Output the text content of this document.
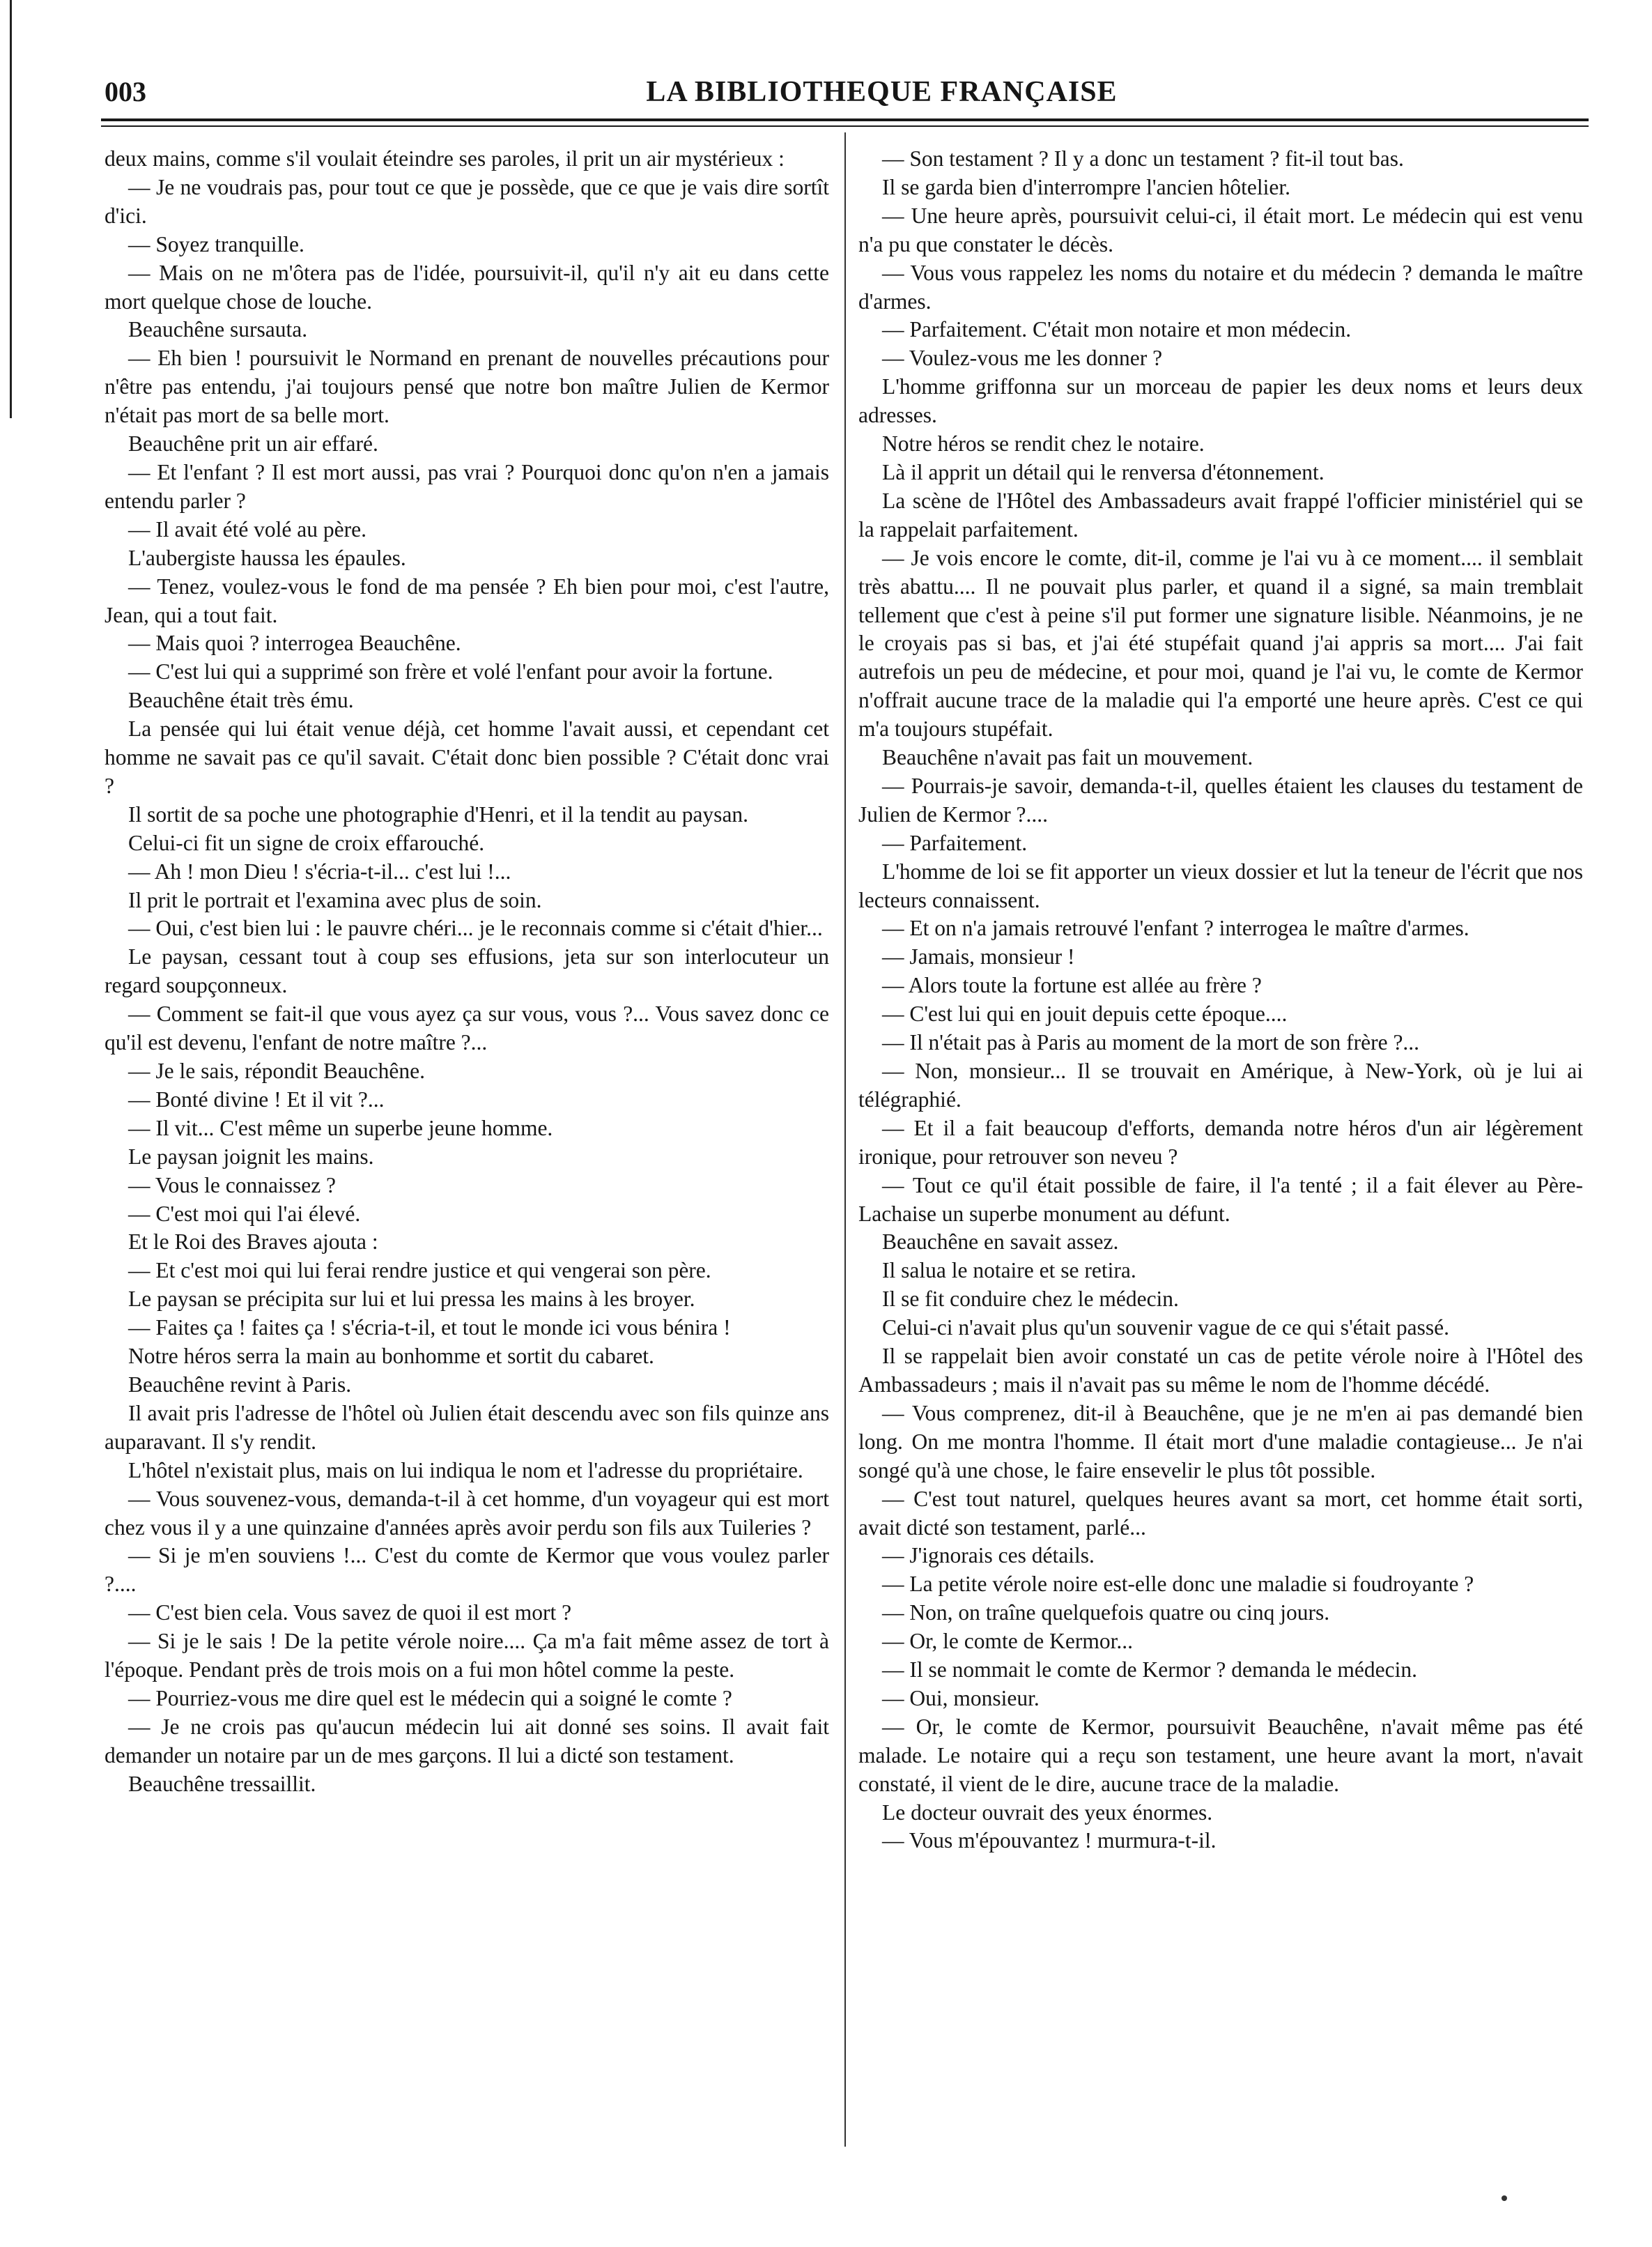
003	LA BIBLIOTHEQUE FRANÇAISE

deux mains, comme s'il voulait éteindre ses paroles, il prit un air mystérieux :

— Je ne voudrais pas, pour tout ce que je possède, que ce que je vais dire sortît d'ici.

— Soyez tranquille.

— Mais on ne m'ôtera pas de l'idée, poursuivit-il, qu'il n'y ait eu dans cette mort quelque chose de louche.

Beauchêne sursauta.

— Eh bien ! poursuivit le Normand en prenant de nouvelles précautions pour n'être pas entendu, j'ai toujours pensé que notre bon maître Julien de Kermor n'était pas mort de sa belle mort.

Beauchêne prit un air effaré.

— Et l'enfant ? Il est mort aussi, pas vrai ? Pourquoi donc qu'on n'en a jamais entendu parler ?

— Il avait été volé au père.

L'aubergiste haussa les épaules.

— Tenez, voulez-vous le fond de ma pensée ? Eh bien pour moi, c'est l'autre, Jean, qui a tout fait.

— Mais quoi ? interrogea Beauchêne.

— C'est lui qui a supprimé son frère et volé l'enfant pour avoir la fortune.

Beauchêne était très ému.

La pensée qui lui était venue déjà, cet homme l'avait aussi, et cependant cet homme ne savait pas ce qu'il savait. C'était donc bien possible ? C'était donc vrai ?

Il sortit de sa poche une photographie d'Henri, et il la tendit au paysan.

Celui-ci fit un signe de croix effarouché.

— Ah ! mon Dieu ! s'écria-t-il... c'est lui !...

Il prit le portrait et l'examina avec plus de soin.

— Oui, c'est bien lui : le pauvre chéri... je le reconnais comme si c'était d'hier...

Le paysan, cessant tout à coup ses effusions, jeta sur son interlocuteur un regard soupçonneux.

— Comment se fait-il que vous ayez ça sur vous, vous ?... Vous savez donc ce qu'il est devenu, l'enfant de notre maître ?...

— Je le sais, répondit Beauchêne.

— Bonté divine ! Et il vit ?...

— Il vit... C'est même un superbe jeune homme.

Le paysan joignit les mains.

— Vous le connaissez ?

— C'est moi qui l'ai élevé.

Et le Roi des Braves ajouta :

— Et c'est moi qui lui ferai rendre justice et qui vengerai son père.

Le paysan se précipita sur lui et lui pressa les mains à les broyer.

— Faites ça ! faites ça ! s'écria-t-il, et tout le monde ici vous bénira !

Notre héros serra la main au bonhomme et sortit du cabaret.

Beauchêne revint à Paris.

Il avait pris l'adresse de l'hôtel où Julien était descendu avec son fils quinze ans auparavant. Il s'y rendit.

L'hôtel n'existait plus, mais on lui indiqua le nom et l'adresse du propriétaire.

— Vous souvenez-vous, demanda-t-il à cet homme, d'un voyageur qui est mort chez vous il y a une quinzaine d'années après avoir perdu son fils aux Tuileries ?

— Si je m'en souviens !... C'est du comte de Kermor que vous voulez parler ?....

— C'est bien cela. Vous savez de quoi il est mort ?

— Si je le sais ! De la petite vérole noire.... Ça m'a fait même assez de tort à l'époque. Pendant près de trois mois on a fui mon hôtel comme la peste.

— Pourriez-vous me dire quel est le médecin qui a soigné le comte ?

— Je ne crois pas qu'aucun médecin lui ait donné ses soins. Il avait fait demander un notaire par un de mes garçons. Il lui a dicté son testament.

Beauchêne tressaillit.

— Son testament ? Il y a donc un testament ? fit-il tout bas.

Il se garda bien d'interrompre l'ancien hôtelier.

— Une heure après, poursuivit celui-ci, il était mort. Le médecin qui est venu n'a pu que constater le décès.

— Vous vous rappelez les noms du notaire et du médecin ? demanda le maître d'armes.

— Parfaitement. C'était mon notaire et mon médecin.

— Voulez-vous me les donner ?

L'homme griffonna sur un morceau de papier les deux noms et leurs deux adresses.

Notre héros se rendit chez le notaire.

Là il apprit un détail qui le renversa d'étonnement.

La scène de l'Hôtel des Ambassadeurs avait frappé l'officier ministériel qui se la rappelait parfaitement.

— Je vois encore le comte, dit-il, comme je l'ai vu à ce moment.... il semblait très abattu.... Il ne pouvait plus parler, et quand il a signé, sa main tremblait tellement que c'est à peine s'il put former une signature lisible. Néanmoins, je ne le croyais pas si bas, et j'ai été stupéfait quand j'ai appris sa mort.... J'ai fait autrefois un peu de médecine, et pour moi, quand je l'ai vu, le comte de Kermor n'offrait aucune trace de la maladie qui l'a emporté une heure après. C'est ce qui m'a toujours stupéfait.

Beauchêne n'avait pas fait un mouvement.

— Pourrais-je savoir, demanda-t-il, quelles étaient les clauses du testament de Julien de Kermor ?....

— Parfaitement.

L'homme de loi se fit apporter un vieux dossier et lut la teneur de l'écrit que nos lecteurs connaissent.

— Et on n'a jamais retrouvé l'enfant ? interrogea le maître d'armes.

— Jamais, monsieur !

— Alors toute la fortune est allée au frère ?

— C'est lui qui en jouit depuis cette époque....

— Il n'était pas à Paris au moment de la mort de son frère ?...

— Non, monsieur... Il se trouvait en Amérique, à New-York, où je lui ai télégraphié.

— Et il a fait beaucoup d'efforts, demanda notre héros d'un air légèrement ironique, pour retrouver son neveu ?

— Tout ce qu'il était possible de faire, il l'a tenté ; il a fait élever au Père-Lachaise un superbe monument au défunt.

Beauchêne en savait assez.

Il salua le notaire et se retira.

Il se fit conduire chez le médecin.

Celui-ci n'avait plus qu'un souvenir vague de ce qui s'était passé.

Il se rappelait bien avoir constaté un cas de petite vérole noire à l'Hôtel des Ambassadeurs ; mais il n'avait pas su même le nom de l'homme décédé.

— Vous comprenez, dit-il à Beauchêne, que je ne m'en ai pas demandé bien long. On me montra l'homme. Il était mort d'une maladie contagieuse... Je n'ai songé qu'à une chose, le faire ensevelir le plus tôt possible.

— C'est tout naturel, quelques heures avant sa mort, cet homme était sorti, avait dicté son testament, parlé...

— J'ignorais ces détails.

— La petite vérole noire est-elle donc une maladie si foudroyante ?

— Non, on traîne quelquefois quatre ou cinq jours.

— Or, le comte de Kermor...

— Il se nommait le comte de Kermor ? demanda le médecin.

— Oui, monsieur.

— Or, le comte de Kermor, poursuivit Beauchêne, n'avait même pas été malade. Le notaire qui a reçu son testament, une heure avant la mort, n'avait constaté, il vient de le dire, aucune trace de la maladie.

Le docteur ouvrait des yeux énormes.

— Vous m'épouvantez ! murmura-t-il.
